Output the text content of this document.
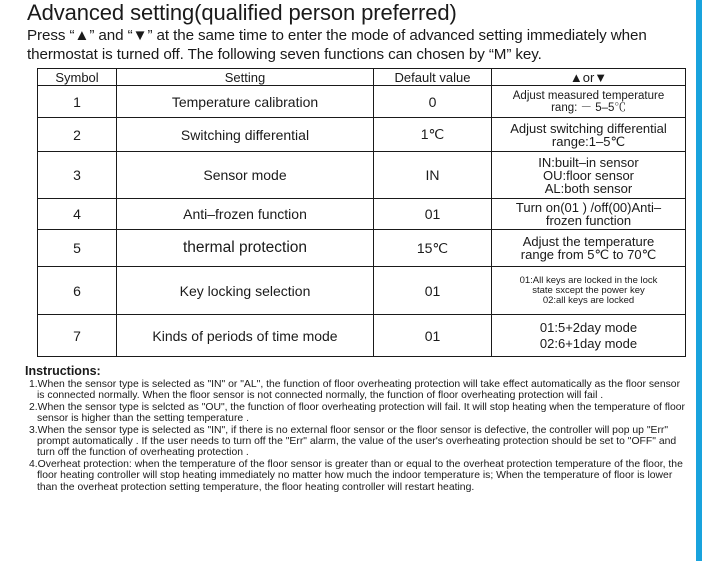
Advanced setting(qualified person preferred)
Press “▲” and “▼” at the same time to enter the mode of advanced setting immediately when thermostat is turned off. The following seven functions can chosen by “M” key.
Symbol	Setting	Default value	▲or▼
1	Temperature calibration	0	Adjust measured temperature
rang: － 5–5℃
2	Switching differential	1℃	Adjust switching differential
range:1–5℃
3	Sensor mode	IN	IN:built–in sensor
OU:floor sensor
AL:both sensor
4	Anti–frozen function	01	Turn on(01 ) /off(00)Anti–
frozen function
5	thermal protection	15℃	Adjust the temperature
range from 5℃ to 70℃
6	Key locking selection	01	01:All keys are locked in the lock
state sxcept the power key
02:all keys are locked
7	Kinds of periods of time mode	01	01:5+2day mode
02:6+1day mode
Instructions:
1.When the sensor type is selected as "IN" or "AL", the function of floor overheating protection will take effect automatically as the floor sensor is connected normally. When the floor sensor is not connected normally, the function of floor overheating protection will fail .
2.When the sensor type is selcted as "OU", the function of floor overheating protection will fail. It will stop heating when the temperature of floor sensor is higher than the setting temperature .
3.When the sensor type is selected as "IN", if there is no external floor sensor or the floor sensor is defective, the controller will pop up "Err" prompt automatically . If the user needs to turn off the "Err" alarm, the value of the user's overheating protection should be set to "OFF" and turn off the function of overheating protection .
4.Overheat protection: when the temperature of the floor sensor is greater than or equal to the overheat protection temperature of the floor, the floor heating controller will stop heating immediately no matter how much the indoor temperature is; When the temperature of floor is lower than the overheat protection setting temperature, the floor heating controller will restart heating.
